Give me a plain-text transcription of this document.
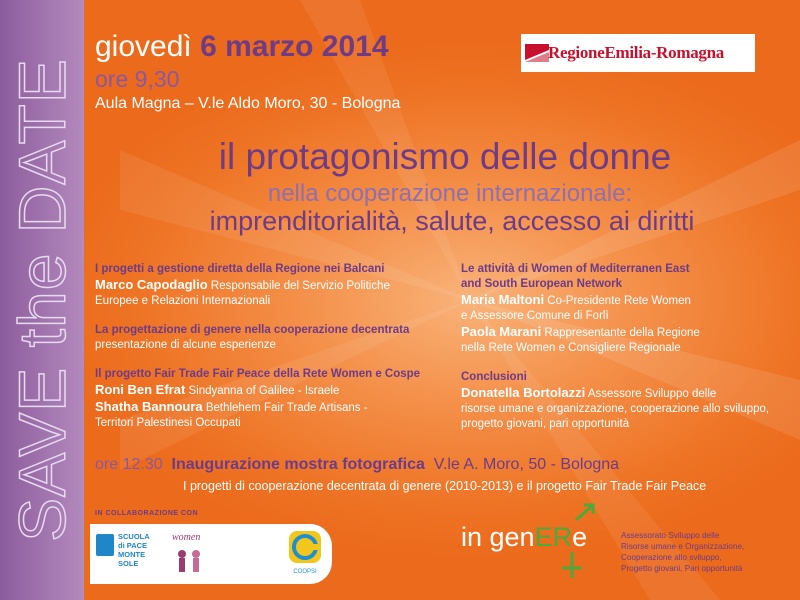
SAVE the DATE
giovedì 6 marzo 2014
ore 9,30
Aula Magna – V.le Aldo Moro, 30 - Bologna
RegioneEmilia-Romagna
il protagonismo delle donne
nella cooperazione internazionale:
imprenditorialità, salute, accesso ai diritti
I progetti a gestione diretta della Regione nei Balcani
Marco Capodaglio Responsabile del Servizio Politiche
Europee e Relazioni Internazionali
La progettazione di genere nella cooperazione decentrata
presentazione di alcune esperienze
Il progetto Fair Trade Fair Peace della Rete Women e Cospe
Roni Ben Efrat Sindyanna of Galilee - Israele
Shatha Bannoura Bethlehem Fair Trade Artisans -
Territori Palestinesi Occupati
Le attività di Women of Mediterranen East
and South European Network
Maria Maltoni Co-Presidente Rete Women
e Assessore Comune di Forlì
Paola Marani Rappresentante della Regione
nella Rete Women e Consigliere Regionale
Conclusioni
Donatella Bortolazzi Assessore Sviluppo delle
risorse umane e organizzazione, cooperazione allo sviluppo,
progetto giovani, pari opportunità
ore 12.30 Inaugurazione mostra fotografica V.le A. Moro, 50 - Bologna
I progetti di cooperazione decentrata di genere (2010-2013) e il progetto Fair Trade Fair Peace
IN COLLABORAZIONE CON
SCUOLA
di PACE
MONTE
SOLE
women
COOPSI
in genERe	Assessorato Sviluppo delle
Risorse umane e Organizzazione,
Cooperazione allo sviluppo,
Progetto giovani, Pari opportunità
